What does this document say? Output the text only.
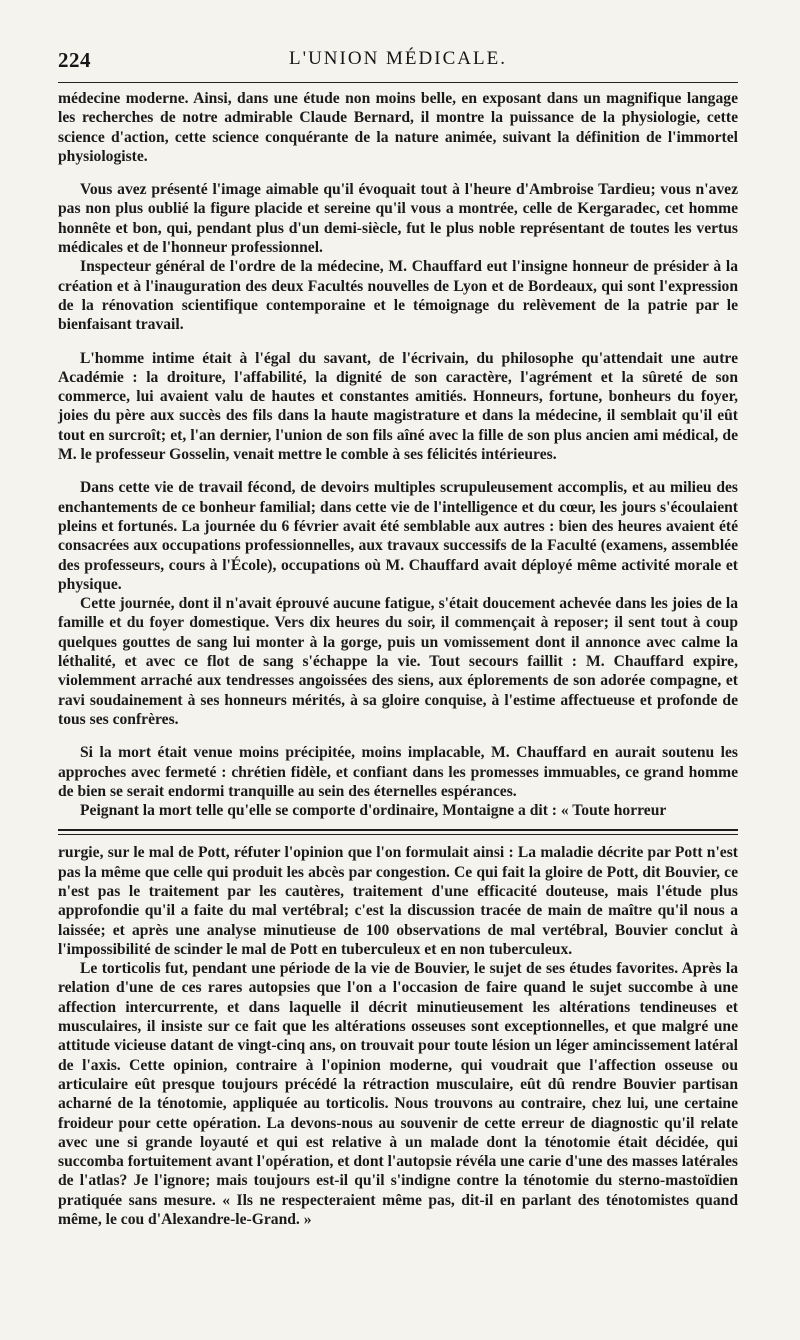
224	L'UNION MÉDICALE.

médecine moderne. Ainsi, dans une étude non moins belle, en exposant dans un magnifique langage les recherches de notre admirable Claude Bernard, il montre la puissance de la physiologie, cette science d'action, cette science conquérante de la nature animée, suivant la définition de l'immortel physiologiste.

Vous avez présenté l'image aimable qu'il évoquait tout à l'heure d'Ambroise Tardieu; vous n'avez pas non plus oublié la figure placide et sereine qu'il vous a montrée, celle de Kergaradec, cet homme honnête et bon, qui, pendant plus d'un demi-siècle, fut le plus noble représentant de toutes les vertus médicales et de l'honneur professionnel.

Inspecteur général de l'ordre de la médecine, M. Chauffard eut l'insigne honneur de présider à la création et à l'inauguration des deux Facultés nouvelles de Lyon et de Bordeaux, qui sont l'expression de la rénovation scientifique contemporaine et le témoignage du relèvement de la patrie par le bienfaisant travail.

L'homme intime était à l'égal du savant, de l'écrivain, du philosophe qu'attendait une autre Académie : la droiture, l'affabilité, la dignité de son caractère, l'agrément et la sûreté de son commerce, lui avaient valu de hautes et constantes amitiés. Honneurs, fortune, bonheurs du foyer, joies du père aux succès des fils dans la haute magistrature et dans la médecine, il semblait qu'il eût tout en surcroît; et, l'an dernier, l'union de son fils aîné avec la fille de son plus ancien ami médical, de M. le professeur Gosselin, venait mettre le comble à ses félicités intérieures.

Dans cette vie de travail fécond, de devoirs multiples scrupuleusement accomplis, et au milieu des enchantements de ce bonheur familial; dans cette vie de l'intelligence et du cœur, les jours s'écoulaient pleins et fortunés. La journée du 6 février avait été semblable aux autres : bien des heures avaient été consacrées aux occupations professionnelles, aux travaux successifs de la Faculté (examens, assemblée des professeurs, cours à l'École), occupations où M. Chauffard avait déployé même activité morale et physique.

Cette journée, dont il n'avait éprouvé aucune fatigue, s'était doucement achevée dans les joies de la famille et du foyer domestique. Vers dix heures du soir, il commençait à reposer; il sent tout à coup quelques gouttes de sang lui monter à la gorge, puis un vomissement dont il annonce avec calme la léthalité, et avec ce flot de sang s'échappe la vie. Tout secours faillit : M. Chauffard expire, violemment arraché aux tendresses angoissées des siens, aux éplorements de son adorée compagne, et ravi soudainement à ses honneurs mérités, à sa gloire conquise, à l'estime affectueuse et profonde de tous ses confrères.

Si la mort était venue moins précipitée, moins implacable, M. Chauffard en aurait soutenu les approches avec fermeté : chrétien fidèle, et confiant dans les promesses immuables, ce grand homme de bien se serait endormi tranquille au sein des éternelles espérances.

Peignant la mort telle qu'elle se comporte d'ordinaire, Montaigne a dit : « Toute horreur

rurgie, sur le mal de Pott, réfuter l'opinion que l'on formulait ainsi : La maladie décrite par Pott n'est pas la même que celle qui produit les abcès par congestion. Ce qui fait la gloire de Pott, dit Bouvier, ce n'est pas le traitement par les cautères, traitement d'une efficacité douteuse, mais l'étude plus approfondie qu'il a faite du mal vertébral; c'est la discussion tracée de main de maître qu'il nous a laissée; et après une analyse minutieuse de 100 observations de mal vertébral, Bouvier conclut à l'impossibilité de scinder le mal de Pott en tuberculeux et en non tuberculeux.

Le torticolis fut, pendant une période de la vie de Bouvier, le sujet de ses études favorites. Après la relation d'une de ces rares autopsies que l'on a l'occasion de faire quand le sujet succombe à une affection intercurrente, et dans laquelle il décrit minutieusement les altérations tendineuses et musculaires, il insiste sur ce fait que les altérations osseuses sont exceptionnelles, et que malgré une attitude vicieuse datant de vingt-cinq ans, on trouvait pour toute lésion un léger amincissement latéral de l'axis. Cette opinion, contraire à l'opinion moderne, qui voudrait que l'affection osseuse ou articulaire eût presque toujours précédé la rétraction musculaire, eût dû rendre Bouvier partisan acharné de la ténotomie, appliquée au torticolis. Nous trouvons au contraire, chez lui, une certaine froideur pour cette opération. La devons-nous au souvenir de cette erreur de diagnostic qu'il relate avec une si grande loyauté et qui est relative à un malade dont la ténotomie était décidée, qui succomba fortuitement avant l'opération, et dont l'autopsie révéla une carie d'une des masses latérales de l'atlas? Je l'ignore; mais toujours est-il qu'il s'indigne contre la ténotomie du sterno-mastoïdien pratiquée sans mesure. « Ils ne respecteraient même pas, dit-il en parlant des ténotomistes quand même, le cou d'Alexandre-le-Grand. »
